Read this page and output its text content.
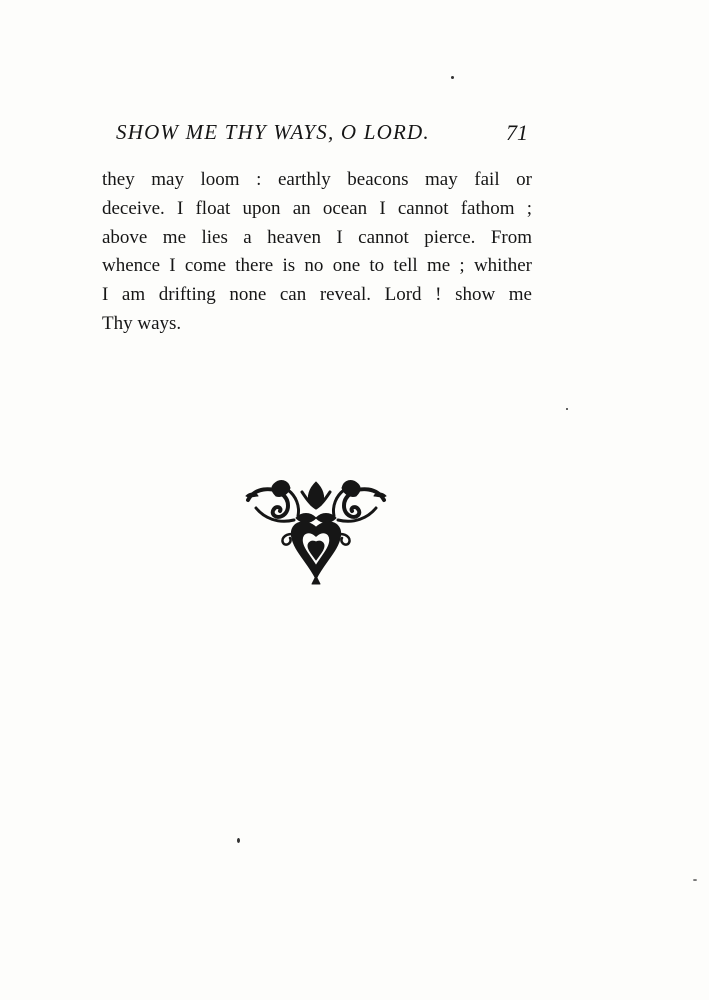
SHOW ME THY WAYS, O LORD.	71
they may loom : earthly beacons may fail or
deceive. I float upon an ocean I cannot fathom ;
above me lies a heaven I cannot pierce. From
whence I come there is no one to tell me ; whither
I am drifting none can reveal. Lord ! show me
Thy ways.
